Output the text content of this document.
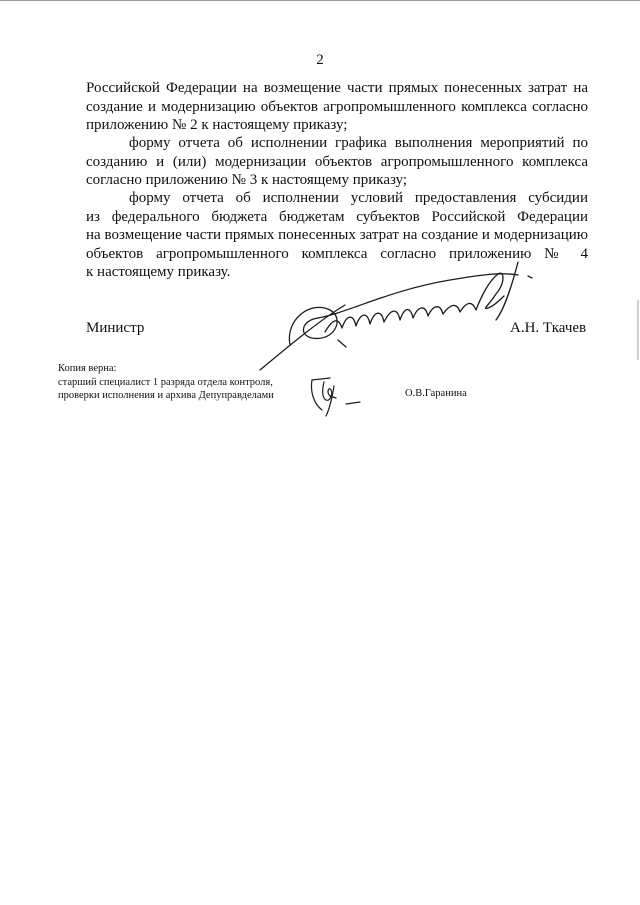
2

Российской Федерации на возмещение части прямых понесенных затрат на
создание и модернизацию объектов агропромышленного комплекса согласно
приложению № 2 к настоящему приказу;

форму отчета об исполнении графика выполнения мероприятий по
созданию и (или) модернизации объектов агропромышленного комплекса
согласно приложению № 3 к настоящему приказу;

форму отчета об исполнении условий предоставления субсидии
из федерального бюджета бюджетам субъектов Российской Федерации
на возмещение части прямых понесенных затрат на создание и модернизацию
объектов агропромышленного комплекса согласно приложению № 4
к настоящему приказу.

Министр	А.Н. Ткачев
Копия верна:
старший специалист 1 разряда отдела контроля,
проверки исполнения и архива Депуправделами	О.В.Гаранина
